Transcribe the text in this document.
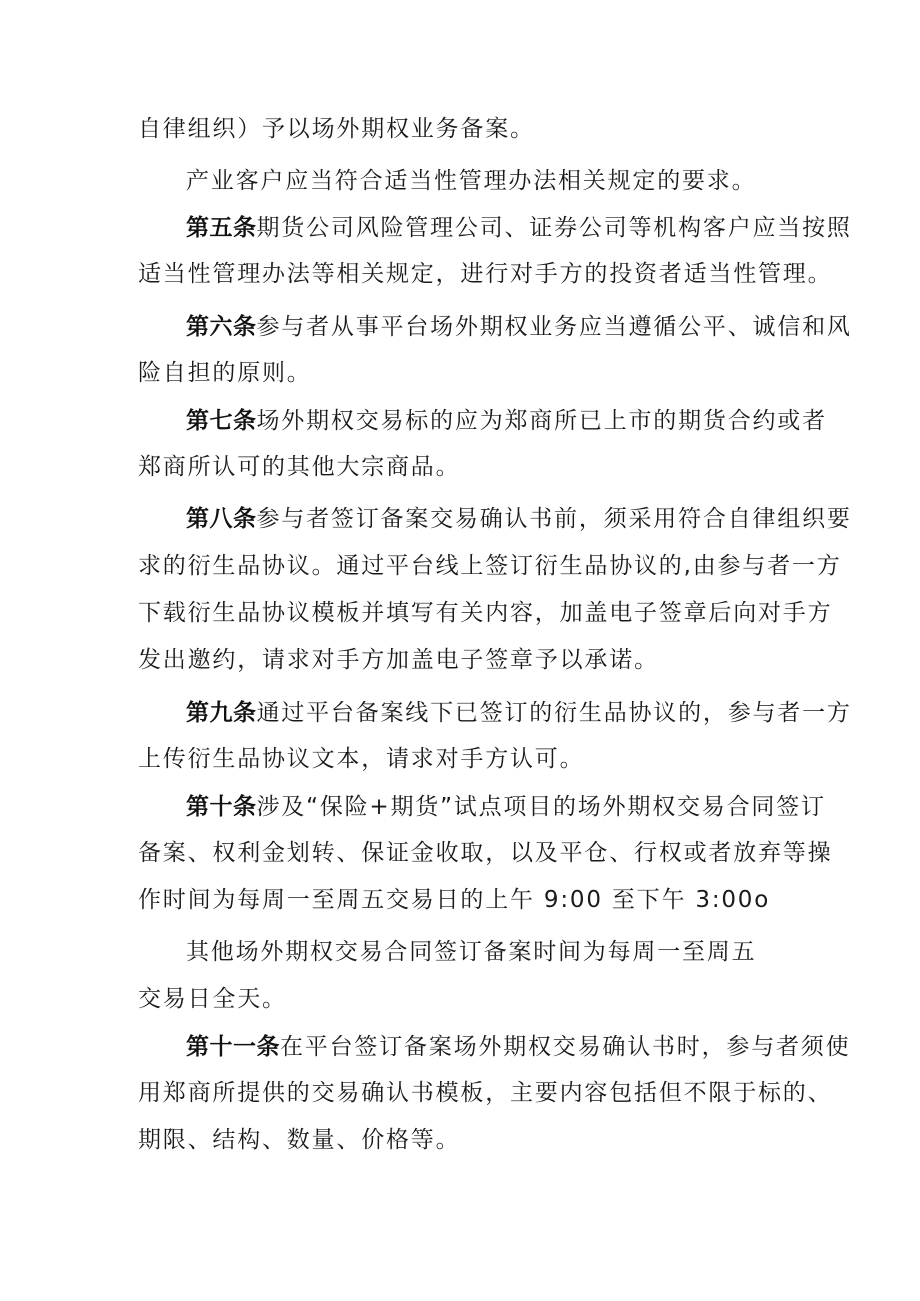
自律组织）予以场外期权业务备案。
产业客户应当符合适当性管理办法相关规定的要求。
第五条期货公司风险管理公司、证券公司等机构客户应当按照
适当性管理办法等相关规定，进行对手方的投资者适当性管理。
第六条参与者从事平台场外期权业务应当遵循公平、诚信和风
险自担的原则。
第七条场外期权交易标的应为郑商所已上市的期货合约或者
郑商所认可的其他大宗商品。
第八条参与者签订备案交易确认书前，须采用符合自律组织要
求的衍生品协议。通过平台线上签订衍生品协议的,由参与者一方
下载衍生品协议模板并填写有关内容，加盖电子签章后向对手方
发出邀约，请求对手方加盖电子签章予以承诺。
第九条通过平台备案线下已签订的衍生品协议的，参与者一方
上传衍生品协议文本，请求对手方认可。
第十条涉及“保险+期货”试点项目的场外期权交易合同签订
备案、权利金划转、保证金收取，以及平仓、行权或者放弃等操
作时间为每周一至周五交易日的上午 9:00 至下午 3:00o
其他场外期权交易合同签订备案时间为每周一至周五
交易日全天。
第十一条在平台签订备案场外期权交易确认书时，参与者须使
用郑商所提供的交易确认书模板，主要内容包括但不限于标的、
期限、结构、数量、价格等。
